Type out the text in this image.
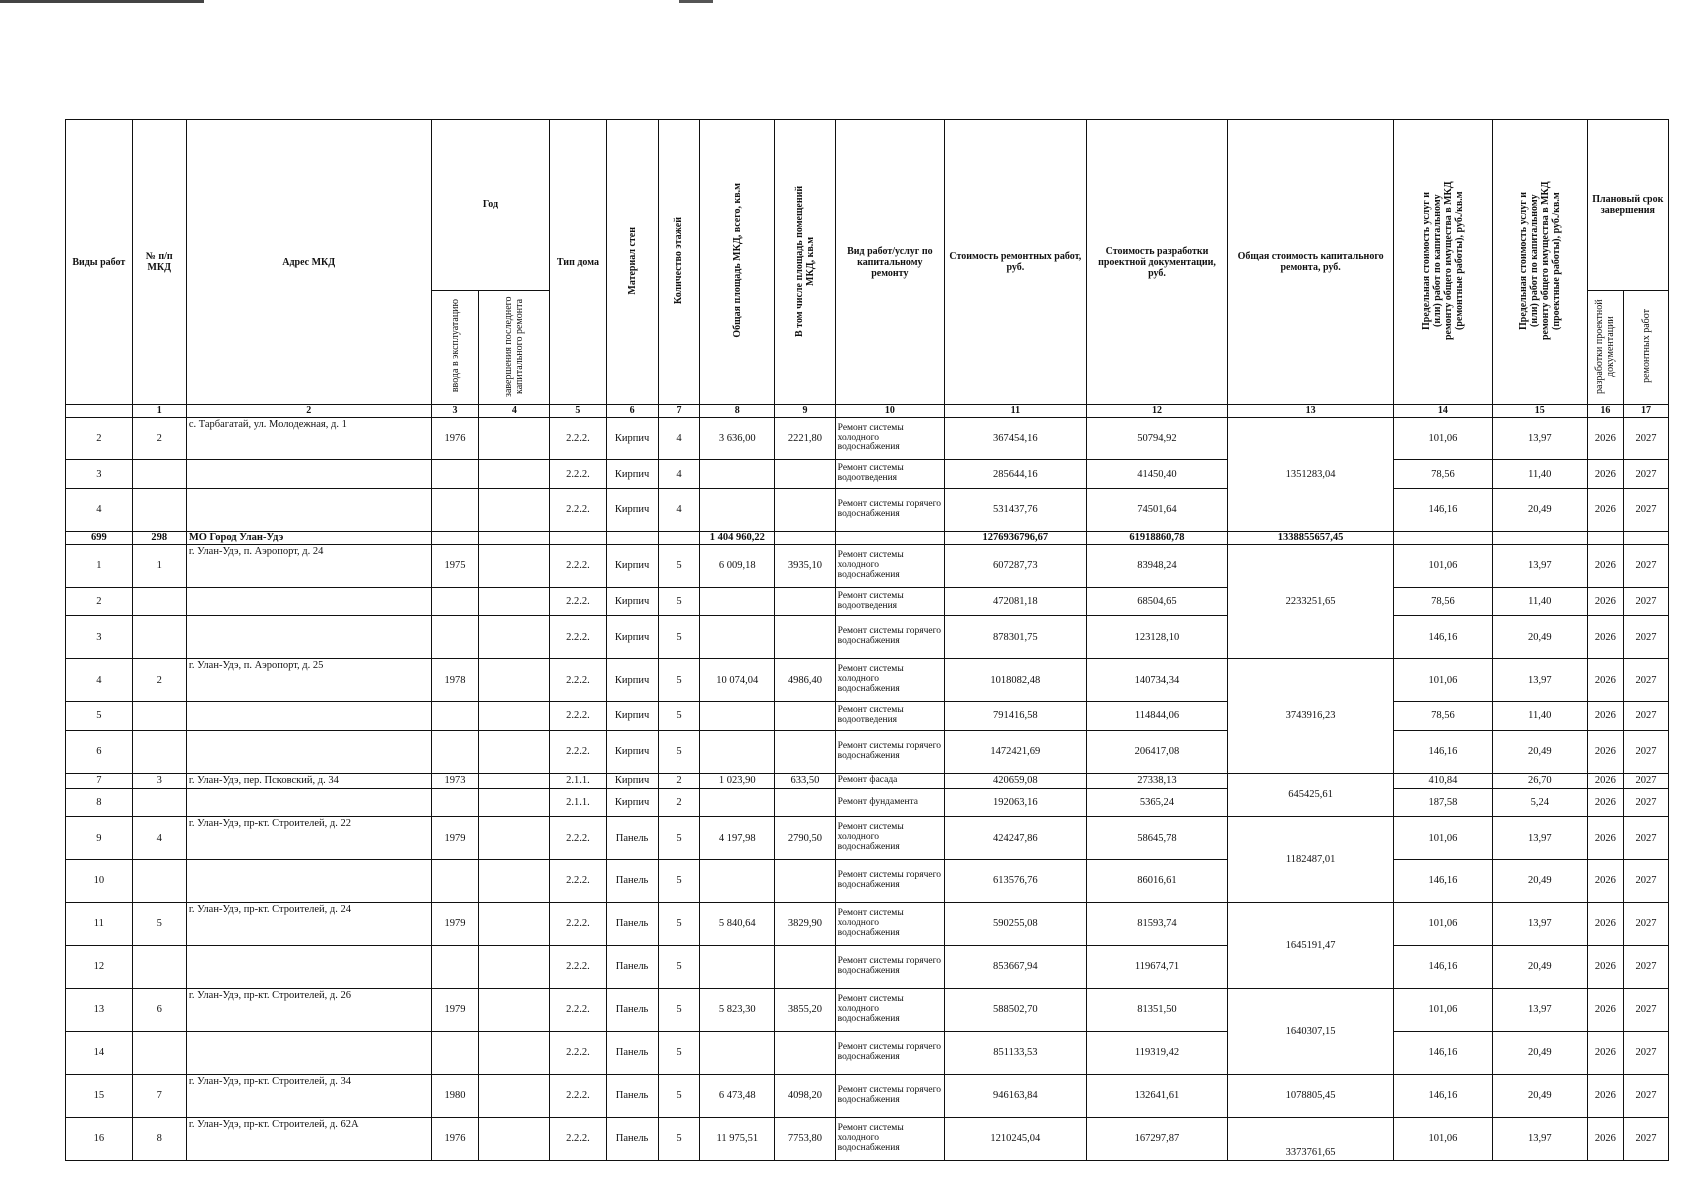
Виды работ	№ п/п МКД	Адрес МКД	Год		Тип дома	Материал стен	Количество этажей	Общая площадь МКД, всего, кв.м	В том числе площадь помещений МКД, кв.м	Вид работ/услуг по капитальному ремонту	Стоимость ремонтных работ, руб.	Стоимость разработки проектной документации, руб.	Общая стоимость капитального ремонта, руб.	Предельная стоимость услуг и (или) работ по капитальному ремонту общего имущества в МКД (ремонтные работы), руб./кв.м	Предельная стоимость услуг и (или) работ по капитальному ремонту общего имущества в МКД (проектные работы), руб./кв.м	Плановый срок завершения	
			ввода в эксплуатацию	завершения последнего капитального ремонта												разработки проектной документации	ремонтных работ
	1	2	3	4	5	6	7	8	9	10	11	12	13	14	15	16	17
2	2	с. Тарбагатай, ул. Молодежная, д. 1	1976		2.2.2.	Кирпич	4	3 636,00	2221,80	Ремонт системы холодного водоснабжения	367454,16	50794,92	1351283,04	101,06	13,97	2026	2027
3					2.2.2.	Кирпич	4			Ремонт системы водоотведения	285644,16	41450,40		78,56	11,40	2026	2027
4					2.2.2.	Кирпич	4			Ремонт системы горячего водоснабжения	531437,76	74501,64		146,16	20,49	2026	2027
699	298	МО Город Улан-Удэ						1 404 960,22			1276936796,67	61918860,78	1338855657,45				
1	1	г. Улан-Удэ, п. Аэропорт, д. 24	1975		2.2.2.	Кирпич	5	6 009,18	3935,10	Ремонт системы холодного водоснабжения	607287,73	83948,24	2233251,65	101,06	13,97	2026	2027
2					2.2.2.	Кирпич	5			Ремонт системы водоотведения	472081,18	68504,65		78,56	11,40	2026	2027
3					2.2.2.	Кирпич	5			Ремонт системы горячего водоснабжения	878301,75	123128,10		146,16	20,49	2026	2027
4	2	г. Улан-Удэ, п. Аэропорт, д. 25	1978		2.2.2.	Кирпич	5	10 074,04	4986,40	Ремонт системы холодного водоснабжения	1018082,48	140734,34	3743916,23	101,06	13,97	2026	2027
5					2.2.2.	Кирпич	5			Ремонт системы водоотведения	791416,58	114844,06		78,56	11,40	2026	2027
6					2.2.2.	Кирпич	5			Ремонт системы горячего водоснабжения	1472421,69	206417,08		146,16	20,49	2026	2027
7	3	г. Улан-Удэ, пер. Псковский, д. 34	1973		2.1.1.	Кирпич	2	1 023,90	633,50	Ремонт фасада	420659,08	27338,13	645425,61	410,84	26,70	2026	2027
8					2.1.1.	Кирпич	2			Ремонт фундамента	192063,16	5365,24		187,58	5,24	2026	2027
9	4	г. Улан-Удэ, пр-кт. Строителей, д. 22	1979		2.2.2.	Панель	5	4 197,98	2790,50	Ремонт системы холодного водоснабжения	424247,86	58645,78	1182487,01	101,06	13,97	2026	2027
10					2.2.2.	Панель	5			Ремонт системы горячего водоснабжения	613576,76	86016,61		146,16	20,49	2026	2027
11	5	г. Улан-Удэ, пр-кт. Строителей, д. 24	1979		2.2.2.	Панель	5	5 840,64	3829,90	Ремонт системы холодного водоснабжения	590255,08	81593,74	1645191,47	101,06	13,97	2026	2027
12					2.2.2.	Панель	5			Ремонт системы горячего водоснабжения	853667,94	119674,71		146,16	20,49	2026	2027
13	6	г. Улан-Удэ, пр-кт. Строителей, д. 26	1979		2.2.2.	Панель	5	5 823,30	3855,20	Ремонт системы холодного водоснабжения	588502,70	81351,50	1640307,15	101,06	13,97	2026	2027
14					2.2.2.	Панель	5			Ремонт системы горячего водоснабжения	851133,53	119319,42		146,16	20,49	2026	2027
15	7	г. Улан-Удэ, пр-кт. Строителей, д. 34	1980		2.2.2.	Панель	5	6 473,48	4098,20	Ремонт системы горячего водоснабжения	946163,84	132641,61	1078805,45	146,16	20,49	2026	2027
16	8	г. Улан-Удэ, пр-кт. Строителей, д. 62А	1976		2.2.2.	Панель	5	11 975,51	7753,80	Ремонт системы холодного водоснабжения	1210245,04	167297,87	3373761,65	101,06	13,97	2026	2027
